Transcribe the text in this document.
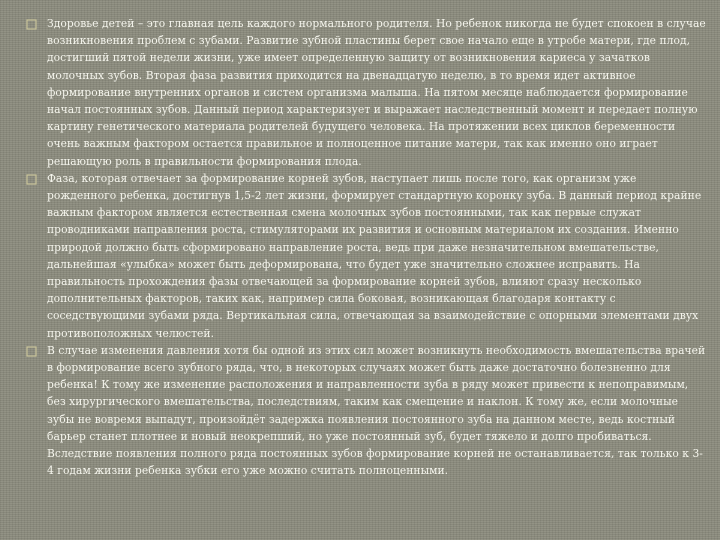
Здоровье детей – это главная цель каждого нормального родителя. Но ребенок никогда не будет спокоен в случае возникновения проблем с зубами. Развитие зубной пластины берет свое начало еще в утробе матери, где плод, достигший пятой недели жизни, уже имеет определенную защиту от возникновения кариеса у зачатков молочных зубов. Вторая фаза развития приходится на двенадцатую неделю, в то время идет активное формирование внутренних органов и систем организма малыша. На пятом месяце наблюдается формирование начал постоянных зубов. Данный период характеризует и выражает наследственный момент и передает полную картину генетического материала родителей будущего человека. На протяжении всех циклов беременности очень важным фактором остается правильное и полноценное питание матери, так как именно оно играет решающую роль в правильности формирования плода.
Фаза, которая отвечает за формирование корней зубов, наступает лишь после того, как организм уже рожденного ребенка, достигнув 1,5-2 лет жизни, формирует стандартную коронку зуба. В данный период крайне важным фактором является естественная смена молочных зубов постоянными, так как первые служат проводниками направления роста, стимуляторами их развития и основным материалом их создания. Именно природой должно быть сформировано направление роста, ведь при даже незначительном вмешательстве, дальнейшая «улыбка» может быть деформирована, что будет уже значительно сложнее исправить. На правильность прохождения фазы отвечающей за формирование корней зубов, влияют сразу несколько дополнительных факторов, таких как, например сила боковая, возникающая благодаря контакту с соседствующими зубами ряда. Вертикальная сила, отвечающая за взаимодействие с опорными элементами двух противоположных челюстей.
В случае изменения давления хотя бы одной из этих сил может возникнуть необходимость вмешательства врачей в формирование всего зубного ряда, что, в некоторых случаях может быть даже достаточно болезненно для ребенка! К тому же изменение расположения и направленности зуба в ряду может привести к непоправимым, без хирургического вмешательства, последствиям, таким как смещение и наклон. К тому же, если молочные зубы не вовремя выпадут, произойдёт задержка появления постоянного зуба на данном месте, ведь костный барьер станет плотнее и новый неокрепший, но уже постоянный зуб, будет тяжело и долго пробиваться. Вследствие появления полного ряда постоянных зубов формирование корней не останавливается, так только к 3-4 годам жизни ребенка зубки его уже можно считать полноценными.
